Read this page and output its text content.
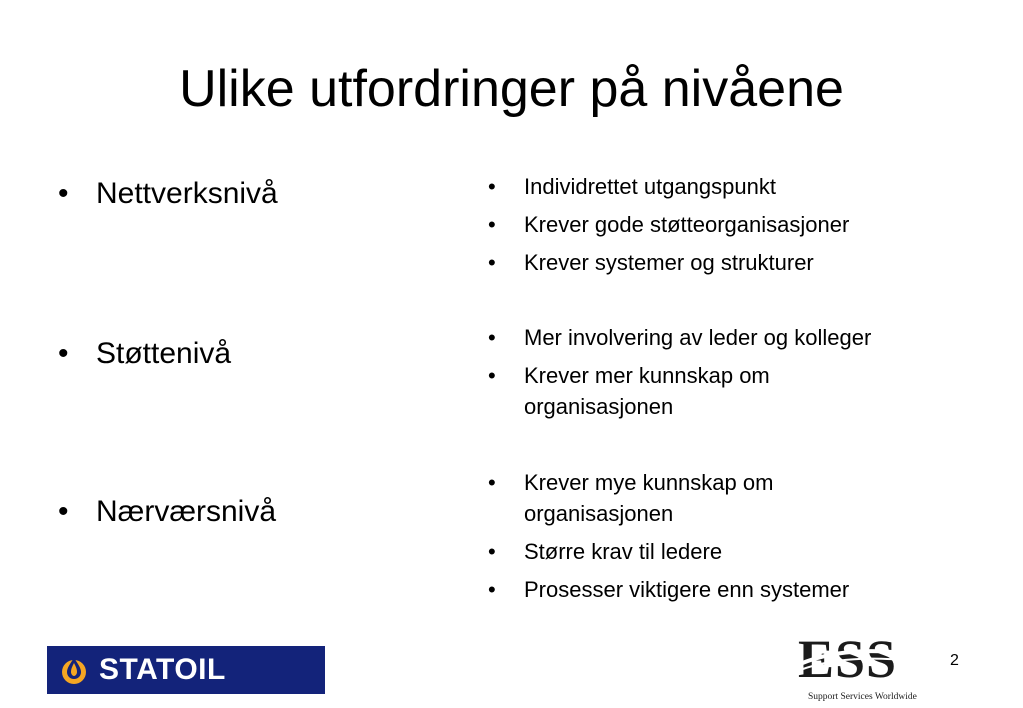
Ulike utfordringer på nivåene
• Nettverksnivå
• Støttenivå
• Nærværsnivå
•	Individrettet utgangspunkt
•	Krever gode støtteorganisasjoner
•	Krever systemer og strukturer
•	Mer involvering av leder og kolleger
•	Krever mer kunnskap om organisasjonen
•	Krever mye kunnskap om organisasjonen
•	Større krav til ledere
•	Prosesser viktigere enn systemer
STATOIL	ESS
Support Services Worldwide
2
